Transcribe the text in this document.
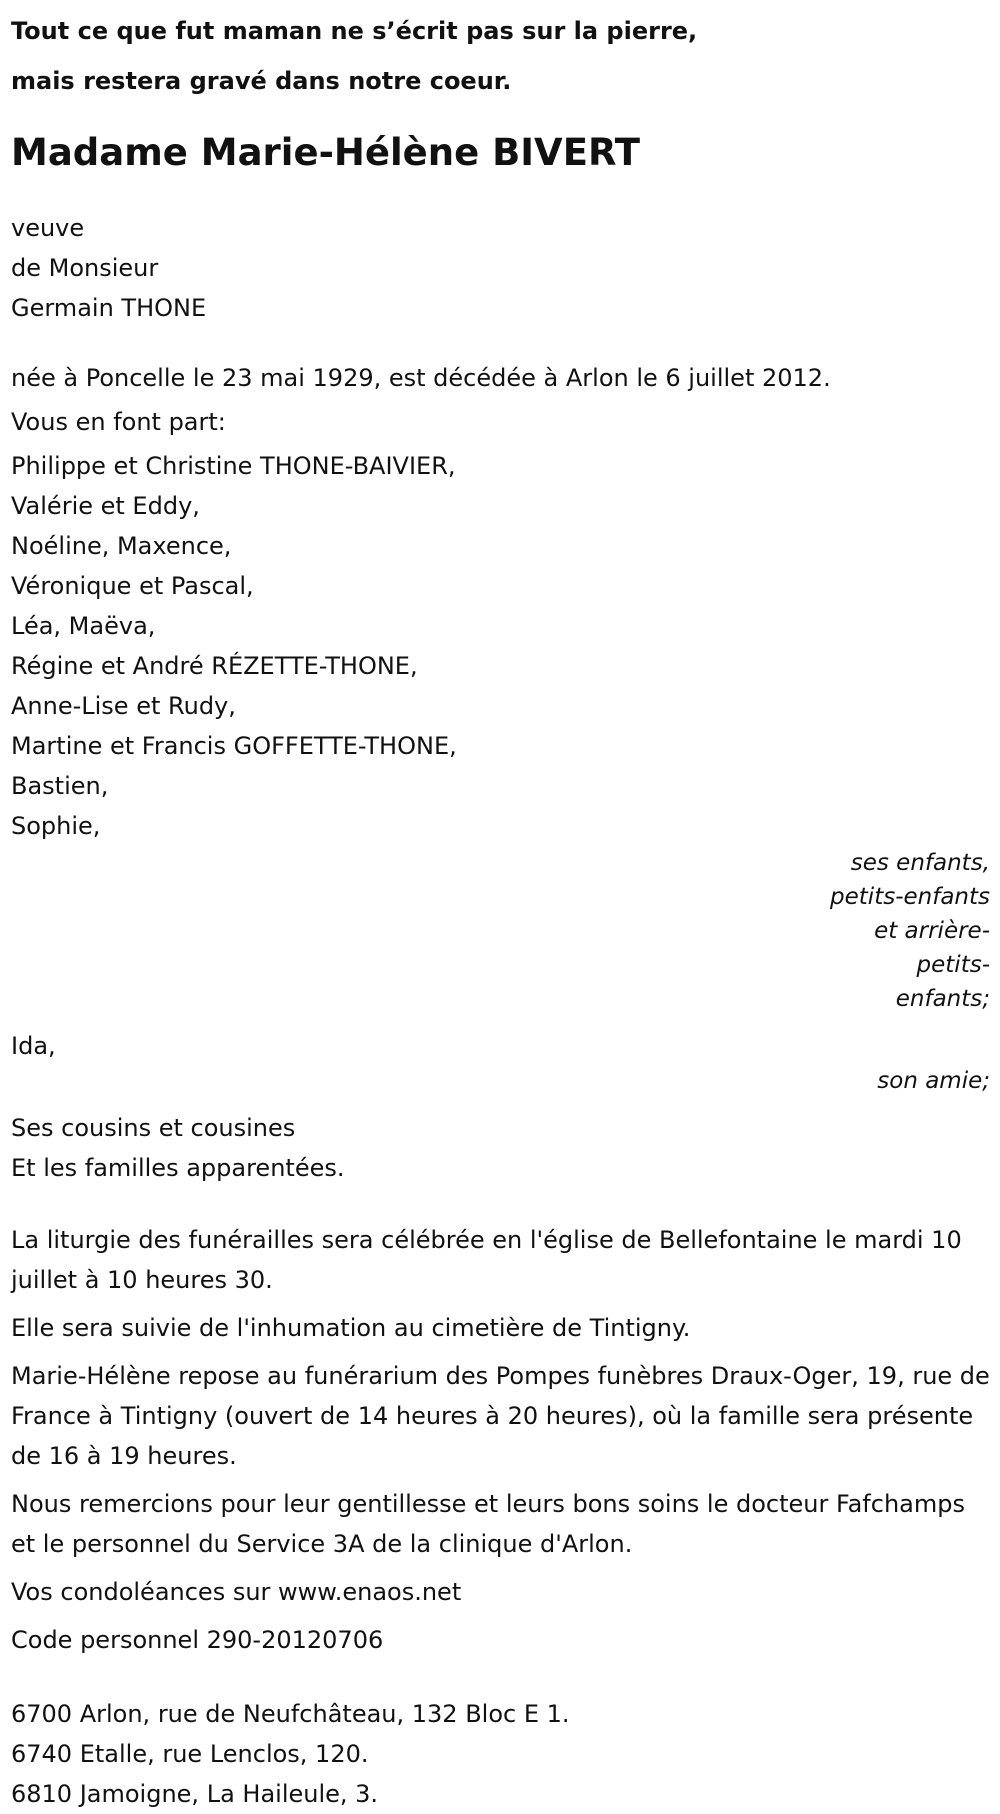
Tout ce que fut maman ne s’écrit pas sur la pierre,

mais restera gravé dans notre coeur.

Madame Marie-Hélène BIVERT
veuve
de Monsieur
Germain THONE

née à Poncelle le 23 mai 1929, est décédée à Arlon le 6 juillet 2012.

Vous en font part:

Philippe et Christine THONE-BAIVIER,
Valérie et Eddy,
Noéline, Maxence,
Véronique et Pascal,
Léa, Maëva,
Régine et André RÉZETTE-THONE,
Anne-Lise et Rudy,
Martine et Francis GOFFETTE-THONE,
Bastien,
Sophie,
ses enfants, petits-enfants
et arrière-petits-enfants;
Ida,
son amie;
Ses cousins et cousines
Et les familles apparentées.

La liturgie des funérailles sera célébrée en l'église de Bellefontaine le mardi 10 juillet à 10 heures 30.

Elle sera suivie de l'inhumation au cimetière de Tintigny.

Marie-Hélène repose au funérarium des Pompes funèbres Draux-Oger, 19, rue de France à Tintigny (ouvert de 14 heures à 20 heures), où la famille sera présente de 16 à 19 heures.

Nous remercions pour leur gentillesse et leurs bons soins le docteur Fafchamps et le personnel du Service 3A de la clinique d'Arlon.

Vos condoléances sur www.enaos.net

Code personnel 290-20120706

6700 Arlon, rue de Neufchâteau, 132 Bloc E 1.
6740 Etalle, rue Lenclos, 120.
6810 Jamoigne, La Haileule, 3.
